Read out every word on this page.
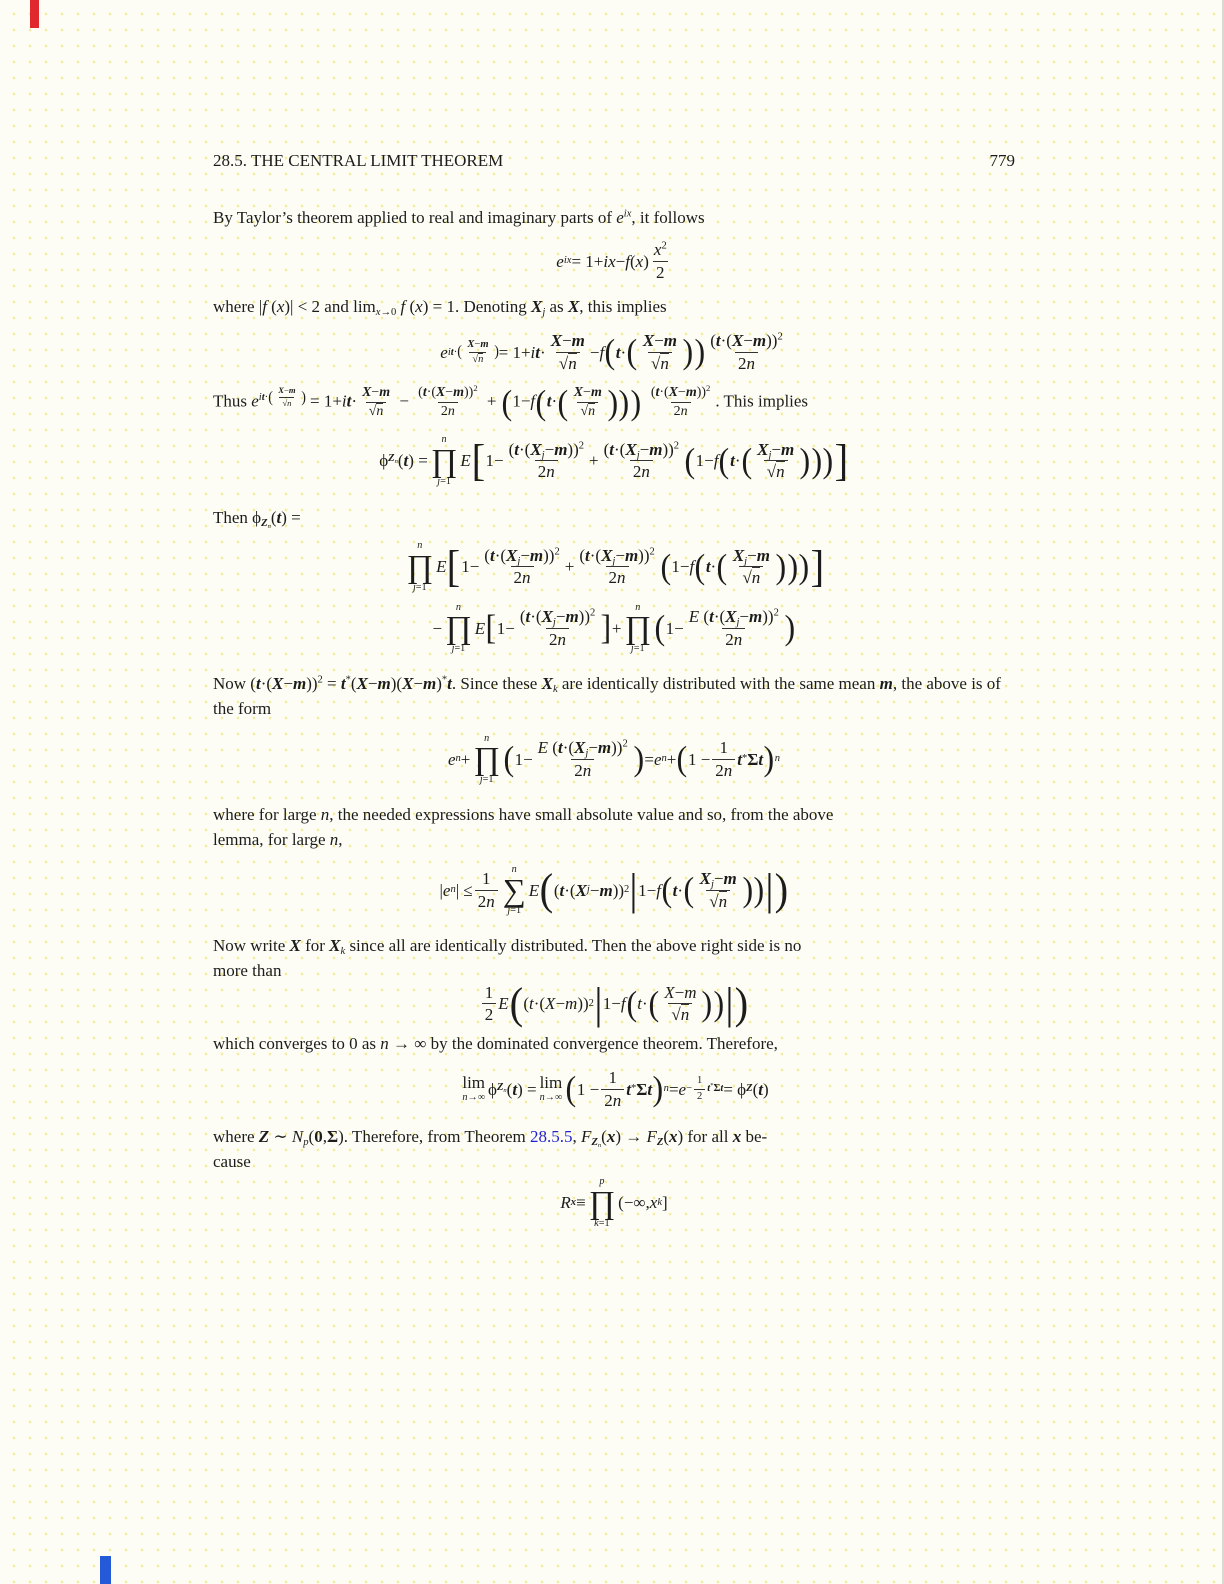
28.5. THE CENTRAL LIMIT THEOREM	779

By Taylor’s theorem applied to real and imaginary parts of $e^{ix}$, it follows

e ix = 1+ i x − f ( x )
$x^2$
2

where |f (x)| < 2 and $\lim_{x\to 0} f$ (x) = 1. Denoting $X_j$ as X, this implies

e $it\cdot( \frac{X-m}{√n}$ ) = 1+ i t ·
X−m
√n
− f ( t · ( X−m
√n ) ) $(t\cdot(X-m))^2$
2n

Thus $e^{it\cdot( \frac{X-m}{√n} )} = 1+it\cdot \frac{X-m}{√n} - \frac{(t\cdot(X-m))^2}{2n} + (1-f(t\cdot( \frac{X-m}{√n}$ ))) $\frac{(t\cdot(X-m))^2}{2n}$ . This implies

ϕ $Z_n$ ( t ) =
n
∏
j=1
E [ 1−
$(t\cdot(X_j-m))^2$
2n
+
$(t\cdot(X_j-m))^2$
2n ( 1− f ( t · ( $X_j-m$
√n ) ) ) ]

Then $\phi_{Z_n}(t)$ =

n
∏
j=1
E [ 1−
$(t\cdot(X_j-m))^2$
2n
+
$(t\cdot(X_j-m))^2$
2n ( 1− f ( t · ( $X_j-m$
√n ) ) ) ]
−
n
∏
j=1
E [ 1−
$(t\cdot(X_j-m))^2$
2n ] +
n
∏
j=1
( 1−
E $(t\cdot(X_j-m))^2$
2n )

Now $(t\cdot(X-m))^2 = t^*(X-m)(X-m)^*t$. Since these $X_k$ are identically distributed with the same mean m, the above is of the form

e n +
n
∏
j=1
( 1−
E $(t\cdot(X_j-m))^2$
2n ) = e n + ( 1 −
1
2n
t * Σ t ) n

where for large n, the needed expressions have small absolute value and so, from the above

lemma, for large n,

| e n | ≤
1
2n
n
∑
j=1
E ( ( t ·( X j − m )) 2 | 1− f ( t · ( $X_j-m$
√n ) ) | )

Now write X for $X_k$ since all are identically distributed. Then the above right side is no

more than

1
2
E ( ( t ·( X − m )) 2 | 1− f ( t · ( X−m
√n ) ) | )

which converges to 0 as n → ∞ by the dominated convergence theorem. Therefore,

lim
n→∞ ϕ $Z_n$ ( t ) = lim
n→∞ ( 1 −
1
2n
t * Σ t ) $n = e - \frac{1}{2} t^*\Sigma t = \phi$ Z ( t )

where Z ∼ $N_p(0,\Sigma)$. Therefore, from Theorem 28.5.5, $F_{Z_n}(x) \to F_Z(x)$ for all x be-

cause

R x ≡
p
∏
k=1
(−∞, x k ]
